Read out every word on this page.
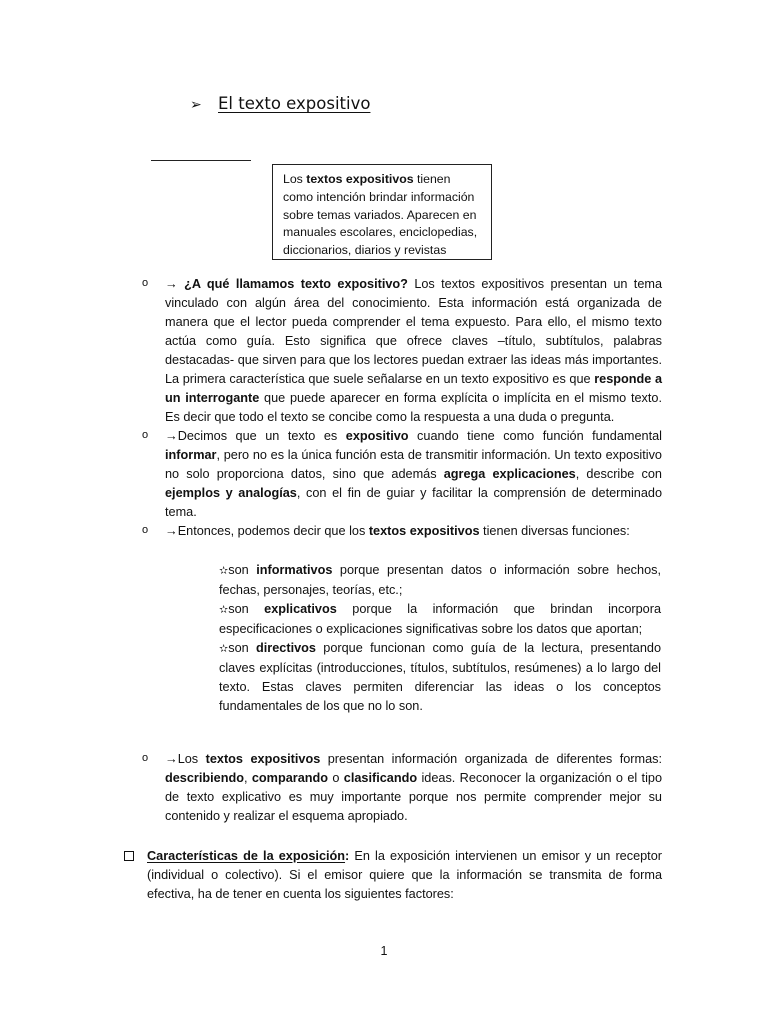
➢ El texto expositivo
Los textos expositivos tienen como intención brindar información sobre temas variados. Aparecen en manuales escolares, enciclopedias, diccionarios, diarios y revistas
o	→ ¿A qué llamamos texto expositivo? Los textos expositivos presentan un tema vinculado con algún área del conocimiento. Esta información está organizada de manera que el lector pueda comprender el tema expuesto. Para ello, el mismo texto actúa como guía. Esto significa que ofrece claves –título, subtítulos, palabras destacadas- que sirven para que los lectores puedan extraer las ideas más importantes. La primera característica que suele señalarse en un texto expositivo es que responde a un interrogante que puede aparecer en forma explícita o implícita en el mismo texto. Es decir que todo el texto se concibe como la respuesta a una duda o pregunta.

o	→Decimos que un texto es expositivo cuando tiene como función fundamental informar, pero no es la única función esta de transmitir información. Un texto expositivo no solo proporciona datos, sino que además agrega explicaciones, describe con ejemplos y analogías, con el fin de guiar y facilitar la comprensión de determinado tema.

o	→Entonces, podemos decir que los textos expositivos tienen diversas funciones:

✫son informativos porque presentan datos o información sobre hechos, fechas, personajes, teorías, etc.;

✫son explicativos porque la información que brindan incorpora especificaciones o explicaciones significativas sobre los datos que aportan;

✫son directivos porque funcionan como guía de la lectura, presentando claves explícitas (introducciones, títulos, subtítulos, resúmenes) a lo largo del texto. Estas claves permiten diferenciar las ideas o los conceptos fundamentales de los que no lo son.

o	→Los textos expositivos presentan información organizada de diferentes formas: describiendo, comparando o clasificando ideas. Reconocer la organización o el tipo de texto explicativo es muy importante porque nos permite comprender mejor su contenido y realizar el esquema apropiado.

Características de la exposición: En la exposición intervienen un emisor y un receptor (individual o colectivo). Si el emisor quiere que la información se transmita de forma efectiva, ha de tener en cuenta los siguientes factores:

1
